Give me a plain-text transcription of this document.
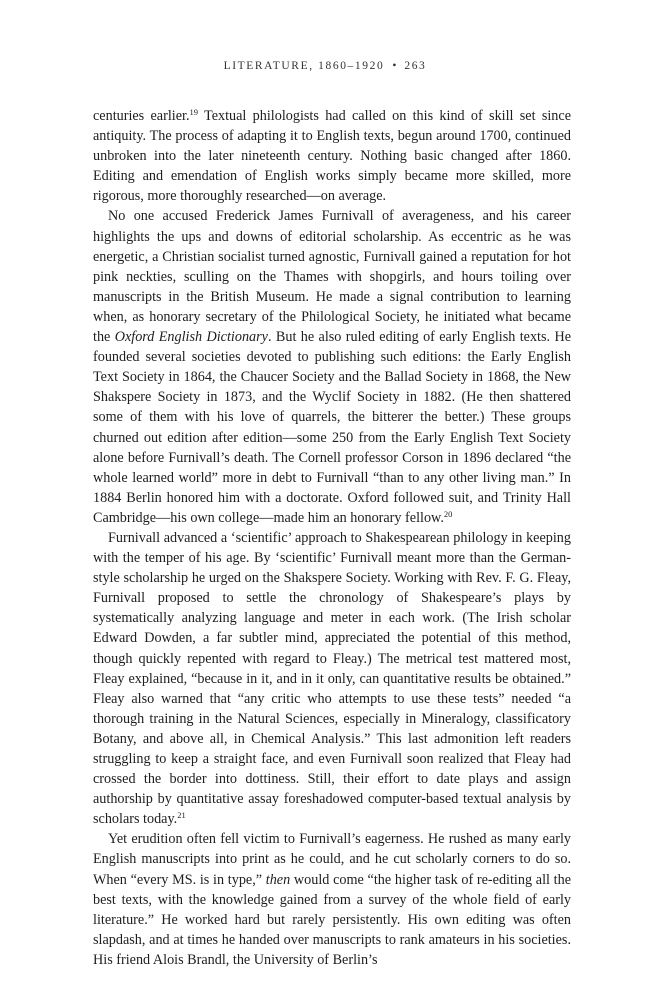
LITERATURE, 1860–1920 • 263

centuries earlier.$^{19}$ Textual philologists had called on this kind of skill set since antiquity. The process of adapting it to English texts, begun around 1700, continued unbroken into the later nineteenth century. Nothing basic changed after 1860. Editing and emendation of English works simply became more skilled, more rigorous, more thoroughly researched—on average.

No one accused Frederick James Furnivall of averageness, and his career highlights the ups and downs of editorial scholarship. As eccentric as he was energetic, a Christian socialist turned agnostic, Furnivall gained a reputation for hot pink neckties, sculling on the Thames with shopgirls, and hours toiling over manuscripts in the British Museum. He made a signal contribution to learning when, as honorary secretary of the Philological Society, he initiated what became the Oxford English Dictionary. But he also ruled editing of early English texts. He founded several societies devoted to publishing such editions: the Early English Text Society in 1864, the Chaucer Society and the Ballad Society in 1868, the New Shakspere Society in 1873, and the Wyclif Society in 1882. (He then shattered some of them with his love of quarrels, the bitterer the better.) These groups churned out edition after edition—some 250 from the Early English Text Society alone before Furnivall’s death. The Cornell professor Corson in 1896 declared “the whole learned world” more in debt to Furnivall “than to any other living man.” In 1884 Berlin honored him with a doctorate. Oxford followed suit, and Trinity Hall Cambridge—his own college—made him an honorary fellow.$^{20}$

Furnivall advanced a ‘scientific’ approach to Shakespearean philology in keeping with the temper of his age. By ‘scientific’ Furnivall meant more than the German-style scholarship he urged on the Shakspere Society. Working with Rev. F. G. Fleay, Furnivall proposed to settle the chronology of Shakespeare’s plays by systematically analyzing language and meter in each work. (The Irish scholar Edward Dowden, a far subtler mind, appreciated the potential of this method, though quickly repented with regard to Fleay.) The metrical test mattered most, Fleay explained, “because in it, and in it only, can quantitative results be obtained.” Fleay also warned that “any critic who attempts to use these tests” needed “a thorough training in the Natural Sciences, especially in Mineralogy, classificatory Botany, and above all, in Chemical Analysis.” This last admonition left readers struggling to keep a straight face, and even Furnivall soon realized that Fleay had crossed the border into dottiness. Still, their effort to date plays and assign authorship by quantitative assay foreshadowed computer-based textual analysis by scholars today.$^{21}$

Yet erudition often fell victim to Furnivall’s eagerness. He rushed as many early English manuscripts into print as he could, and he cut scholarly corners to do so. When “every MS. is in type,” then would come “the higher task of re-editing all the best texts, with the knowledge gained from a survey of the whole field of early literature.” He worked hard but rarely persistently. His own editing was often slapdash, and at times he handed over manuscripts to rank amateurs in his societies. His friend Alois Brandl, the University of Berlin’s
